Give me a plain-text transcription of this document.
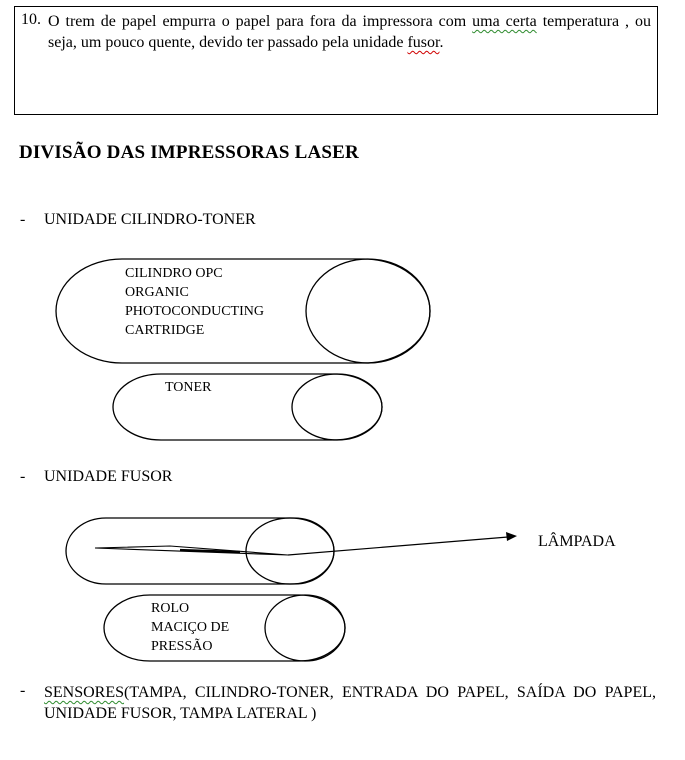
10. O trem de papel empurra o papel para fora da impressora com uma certa temperatura , ou seja, um pouco quente, devido ter passado pela unidade fusor.
DIVISÃO DAS IMPRESSORAS LASER
- UNIDADE CILINDRO-TONER
CILINDRO OPC
ORGANIC
PHOTOCONDUCTING
CARTRIDGE
TONER
- UNIDADE FUSOR
LÂMPADA
ROLO
MACIÇO DE
PRESSÃO
- SENSORES(TAMPA, CILINDRO-TONER, ENTRADA DO PAPEL, SAÍDA DO PAPEL, UNIDADE FUSOR, TAMPA LATERAL )
